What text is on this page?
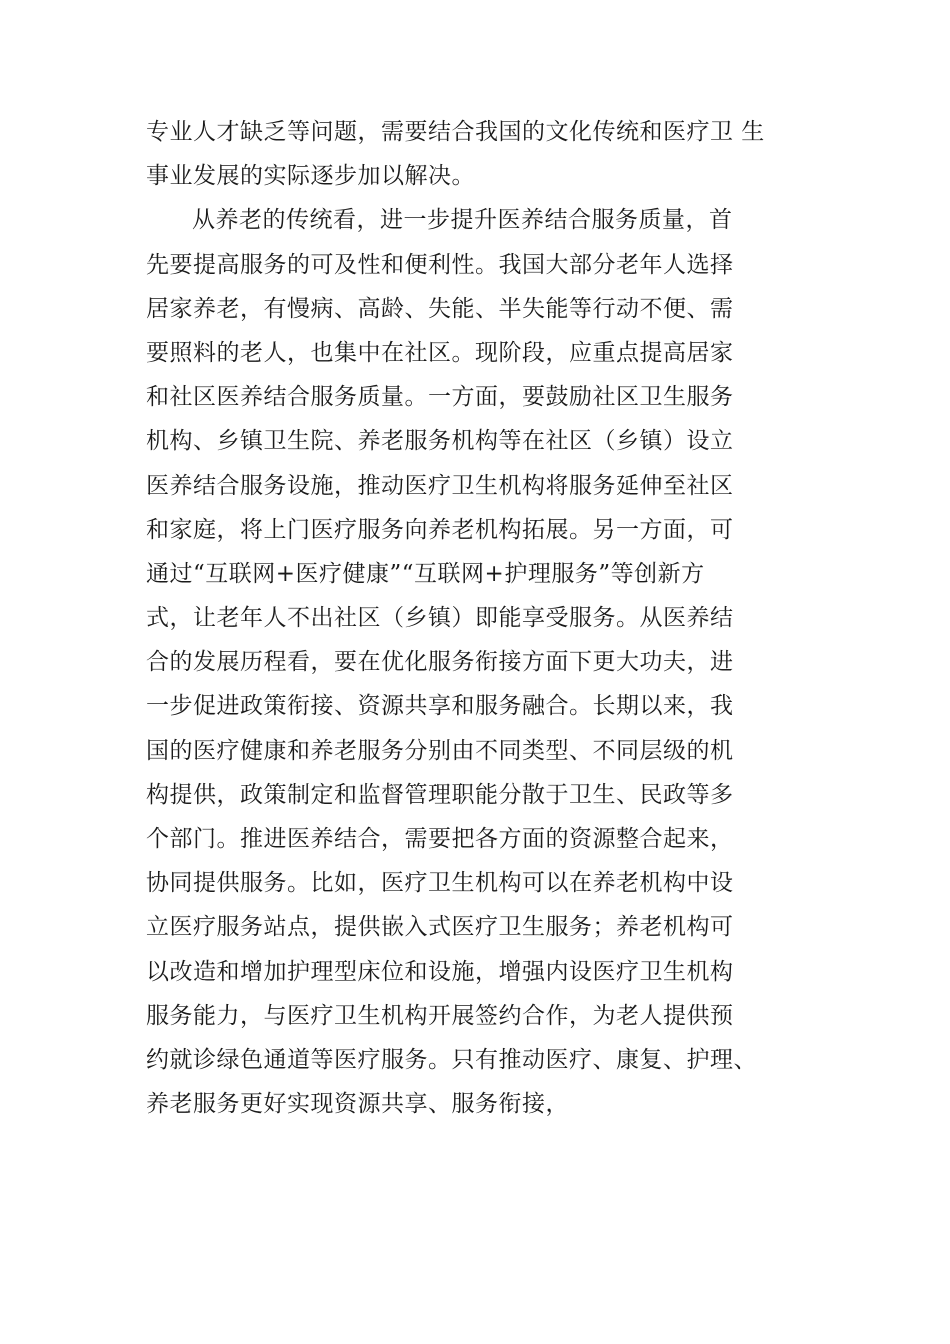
专业人才缺乏等问题，需要结合我国的文化传统和医疗卫 生
事业发展的实际逐步加以解决。
从养老的传统看，进一步提升医养结合服务质量，首
先要提高服务的可及性和便利性。我国大部分老年人选择
居家养老，有慢病、高龄、失能、半失能等行动不便、需
要照料的老人，也集中在社区。现阶段，应重点提高居家
和社区医养结合服务质量。一方面，要鼓励社区卫生服务
机构、乡镇卫生院、养老服务机构等在社区（乡镇）设立
医养结合服务设施，推动医疗卫生机构将服务延伸至社区
和家庭，将上门医疗服务向养老机构拓展。另一方面，可
通过“互联网+医疗健康”“互联网+护理服务”等创新方
式，让老年人不出社区（乡镇）即能享受服务。从医养结
合的发展历程看，要在优化服务衔接方面下更大功夫，进
一步促进政策衔接、资源共享和服务融合。长期以来，我
国的医疗健康和养老服务分别由不同类型、不同层级的机
构提供，政策制定和监督管理职能分散于卫生、民政等多
个部门。推进医养结合，需要把各方面的资源整合起来，
协同提供服务。比如，医疗卫生机构可以在养老机构中设
立医疗服务站点，提供嵌入式医疗卫生服务；养老机构可
以改造和增加护理型床位和设施，增强内设医疗卫生机构
服务能力，与医疗卫生机构开展签约合作，为老人提供预
约就诊绿色通道等医疗服务。只有推动医疗、康复、护理、
养老服务更好实现资源共享、服务衔接，
